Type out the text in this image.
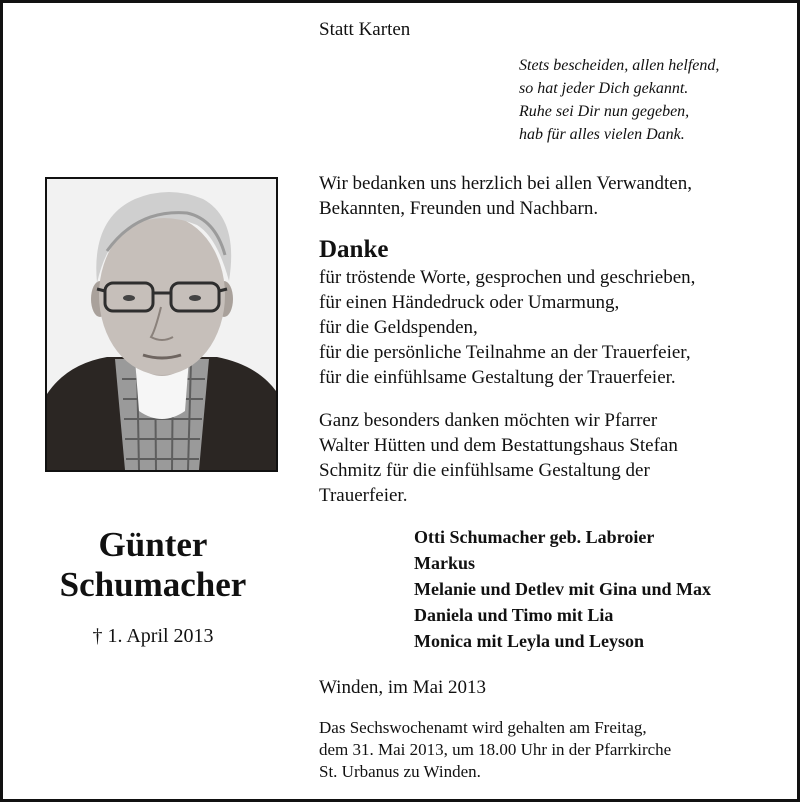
Statt Karten
Stets bescheiden, allen helfend,
so hat jeder Dich gekannt.
Ruhe sei Dir nun gegeben,
hab für alles vielen Dank.
Günter
Schumacher
† 1. April 2013
Wir bedanken uns herzlich bei allen Verwandten,
Bekannten, Freunden und Nachbarn.
Danke
für tröstende Worte, gesprochen und geschrieben,
für einen Händedruck oder Umarmung,
für die Geldspenden,
für die persönliche Teilnahme an der Trauerfeier,
für die einfühlsame Gestaltung der Trauerfeier.
Ganz besonders danken möchten wir Pfarrer
Walter Hütten und dem Bestattungshaus Stefan
Schmitz für die einfühlsame Gestaltung der
Trauerfeier.
Otti Schumacher geb. Labroier
Markus
Melanie und Detlev mit Gina und Max
Daniela und Timo mit Lia
Monica mit Leyla und Leyson
Winden, im Mai 2013
Das Sechswochenamt wird gehalten am Freitag,
dem 31. Mai 2013, um 18.00 Uhr in der Pfarrkirche
St. Urbanus zu Winden.
